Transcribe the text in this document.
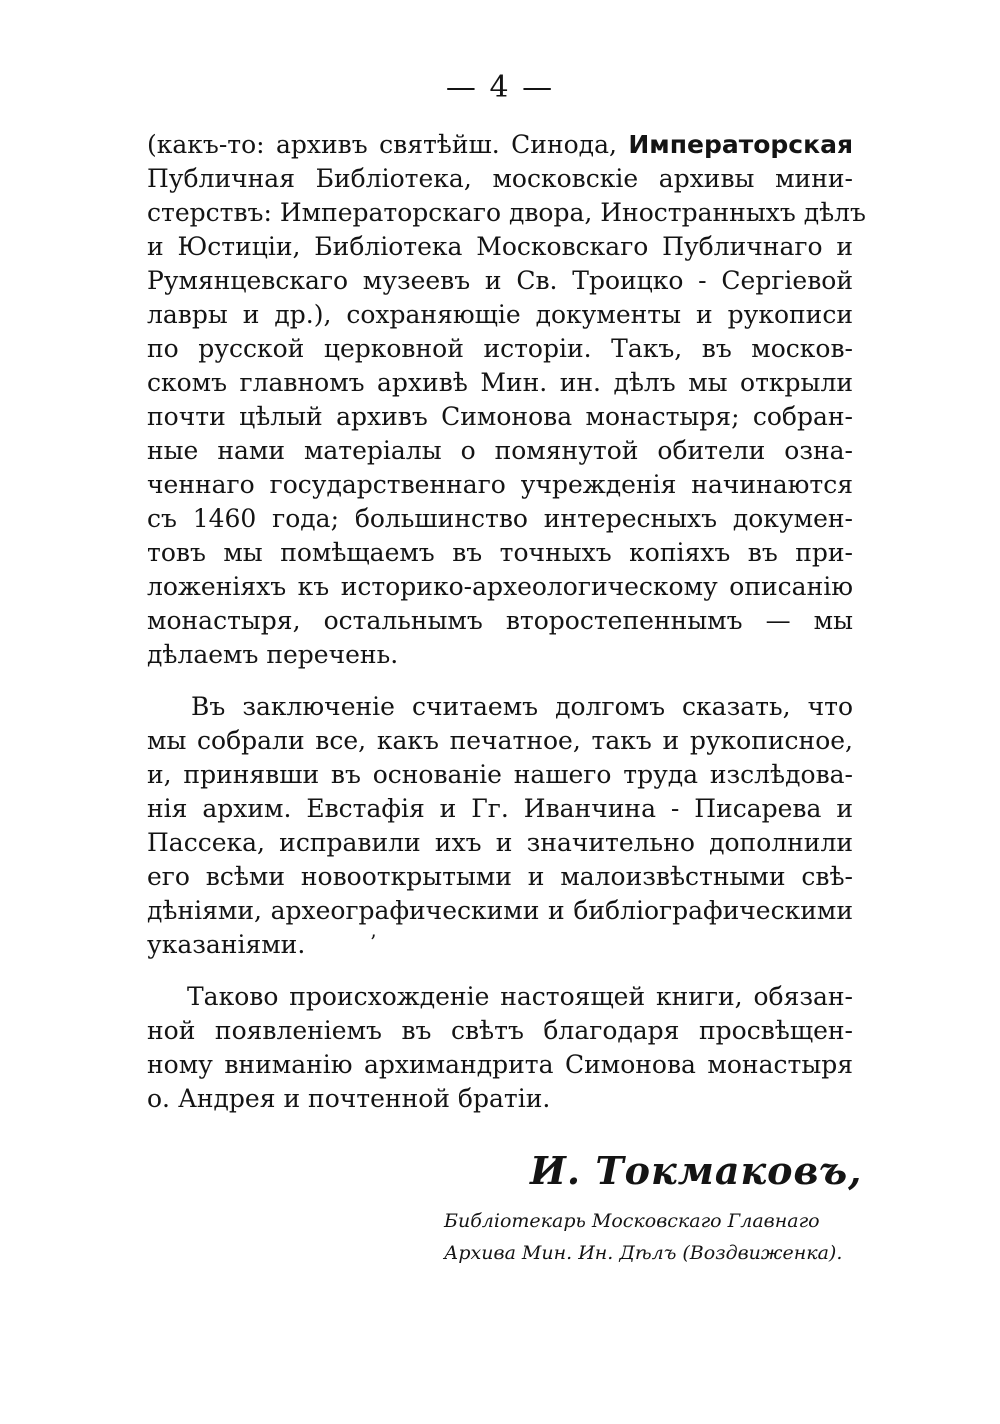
— 4 —
(какъ-то: архивъ святѣйш. Синода, Императорская
Публичная Библіотека, московскіе архивы мини-
стерствъ: Императорскаго двора, Иностранныхъ дѣлъ
и Юстиціи, Библіотека Московскаго Публичнаго и
Румянцевскаго музеевъ и Св. Троицко - Сергіевой
лавры и др.), сохраняющіе документы и рукописи
по русской церковной исторіи. Такъ, въ москов-
скомъ главномъ архивѣ Мин. ин. дѣлъ мы открыли
почти цѣлый архивъ Симонова монастыря; собран-
ные нами матеріалы о помянутой обители озна-
ченнаго государственнаго учрежденія начинаются
съ 1460 года; большинство интересныхъ докумен-
товъ мы помѣщаемъ въ точныхъ копіяхъ въ при-
ложеніяхъ къ историко-археологическому описанію
монастыря, остальнымъ второстепеннымъ — мы
дѣлаемъ перечень.
Въ заключеніе считаемъ долгомъ сказать, что
мы собрали все, какъ печатное, такъ и рукописное,
и, принявши въ основаніе нашего труда изслѣдова-
нія архим. Евстафія и Гг. Иванчина - Писарева и
Пассека, исправили ихъ и значительно дополнили
его всѣми новооткрытыми и малоизвѣстными свѣ-
дѣніями, археографическими и библіографическими
указаніями.	’
Таково происхожденіе настоящей книги, обязан-
ной появленіемъ въ свѣтъ благодаря просвѣщен-
ному вниманію архимандрита Симонова монастыря
о. Андрея и почтенной братіи.
И. Токмаковъ,
Библіотекарь Московскаго Главнаго
Архива Мин. Ин. Дѣлъ (Воздвиженка).
